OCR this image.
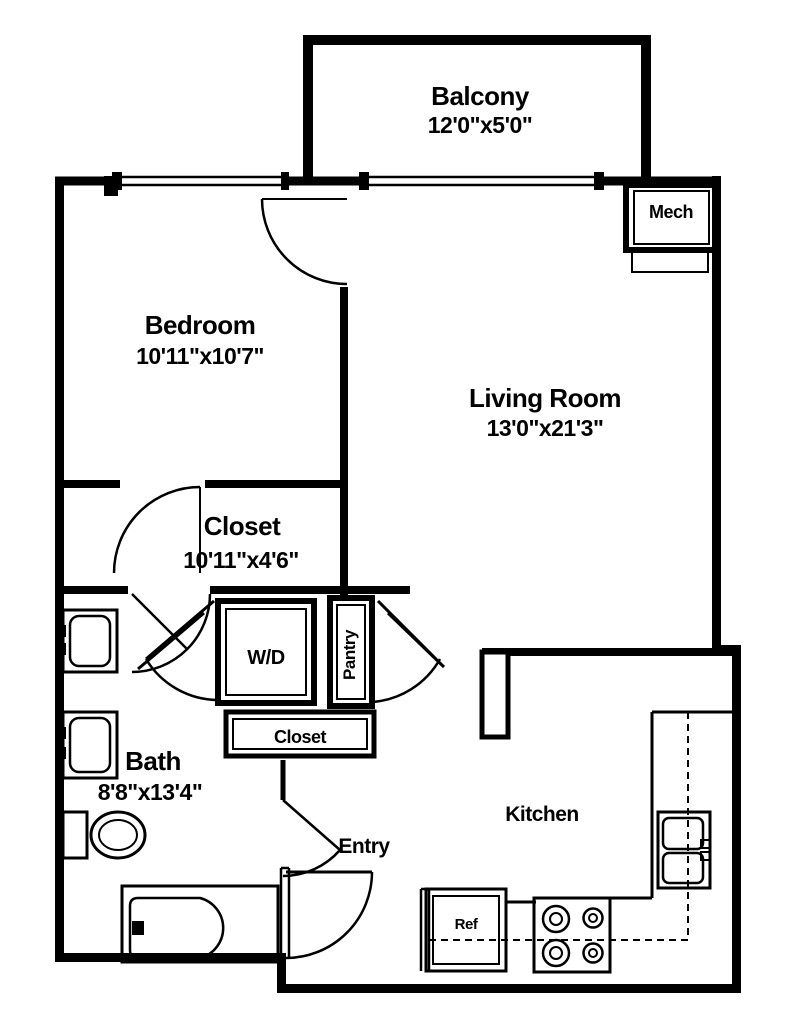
Balcony
12'0"x5'0"
Bedroom
10'11"x10'7"
Living Room
13'0"x21'3"
Closet
10'11"x4'6"
Bath
8'8"x13'4"
Kitchen
Entry
Mech
W/D	Pantry
Closet
Ref
